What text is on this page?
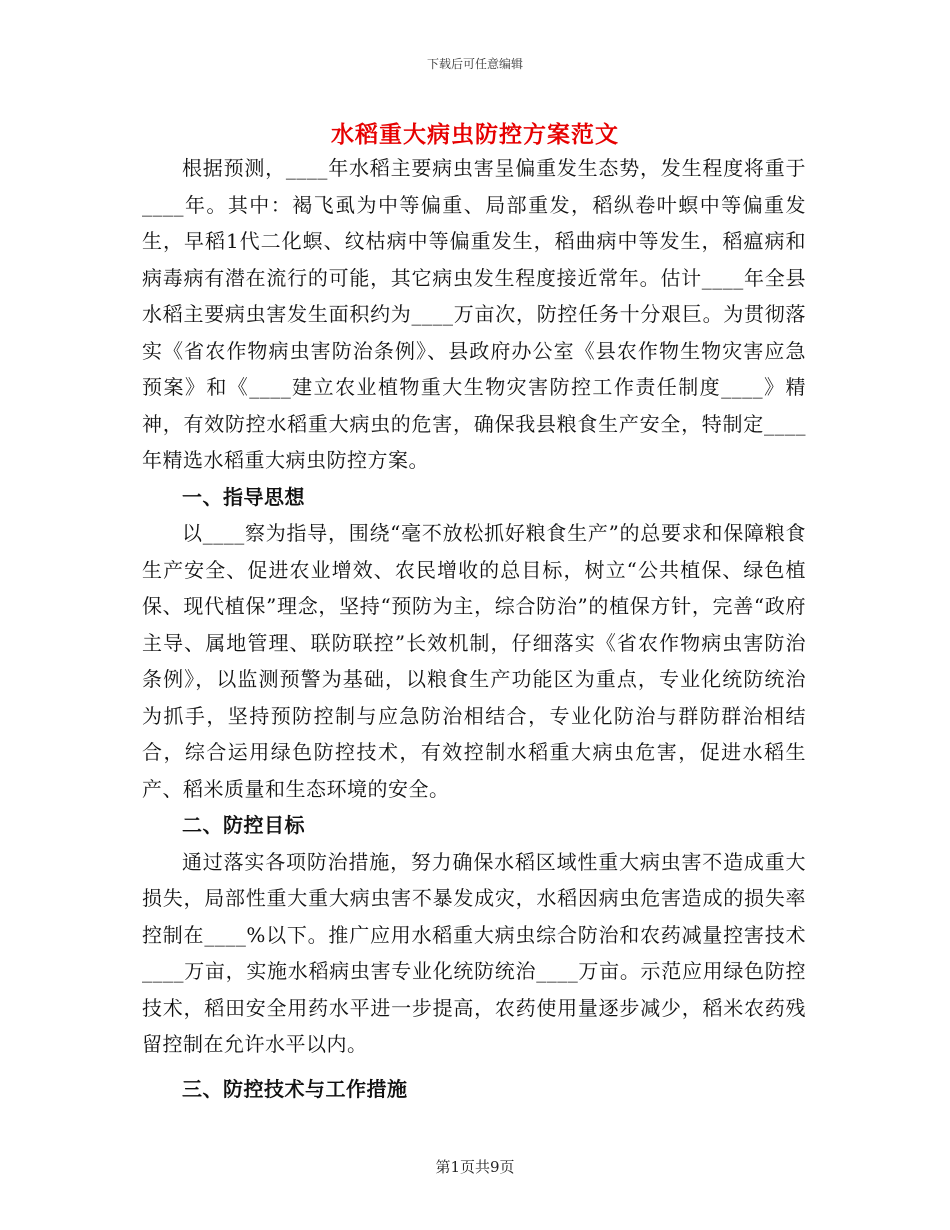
下载后可任意编辑
水稻重大病虫防控方案范文

根据预测，____年水稻主要病虫害呈偏重发生态势，发生程度将重于____年。其中：褐飞虱为中等偏重、局部重发，稻纵卷叶螟中等偏重发生，早稻1代二化螟、纹枯病中等偏重发生，稻曲病中等发生，稻瘟病和病毒病有潜在流行的可能，其它病虫发生程度接近常年。估计____年全县水稻主要病虫害发生面积约为____万亩次，防控任务十分艰巨。为贯彻落实《省农作物病虫害防治条例》、县政府办公室《县农作物生物灾害应急预案》和《____建立农业植物重大生物灾害防控工作责任制度____》精神，有效防控水稻重大病虫的危害，确保我县粮食生产安全，特制定____年精选水稻重大病虫防控方案。

一、指导思想

以____察为指导，围绕“毫不放松抓好粮食生产”的总要求和保障粮食生产安全、促进农业增效、农民增收的总目标，树立“公共植保、绿色植保、现代植保”理念，坚持“预防为主，综合防治”的植保方针，完善“政府主导、属地管理、联防联控”长效机制，仔细落实《省农作物病虫害防治条例》，以监测预警为基础，以粮食生产功能区为重点，专业化统防统治为抓手，坚持预防控制与应急防治相结合，专业化防治与群防群治相结合，综合运用绿色防控技术，有效控制水稻重大病虫危害，促进水稻生产、稻米质量和生态环境的安全。

二、防控目标

通过落实各项防治措施，努力确保水稻区域性重大病虫害不造成重大损失，局部性重大重大病虫害不暴发成灾，水稻因病虫危害造成的损失率控制在____%以下。推广应用水稻重大病虫综合防治和农药减量控害技术____万亩，实施水稻病虫害专业化统防统治____万亩。示范应用绿色防控技术，稻田安全用药水平进一步提高，农药使用量逐步减少，稻米农药残留控制在允许水平以内。

三、防控技术与工作措施

第1页共9页
